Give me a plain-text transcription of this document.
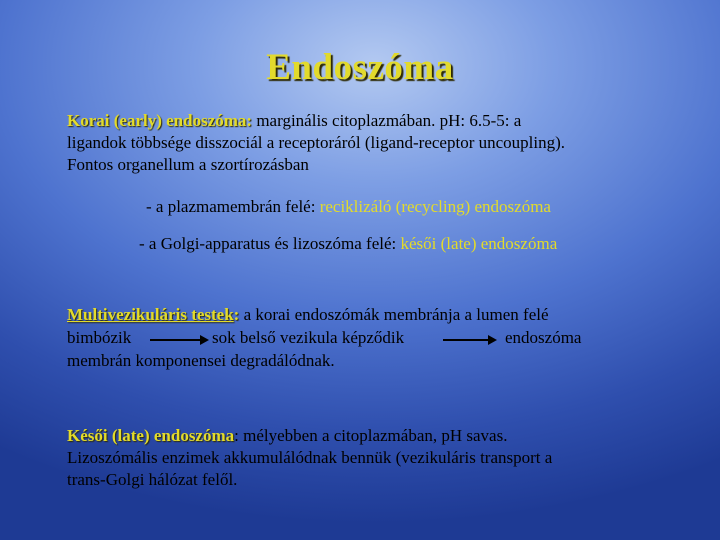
Endoszóma
Korai (early) endoszóma: marginális citoplazmában. pH: 6.5-5: a
ligandok többsége disszociál a receptoráról (ligand-receptor uncoupling).
Fontos organellum a szortírozásban
- a plazmamembrán felé: reciklizáló (recycling) endoszóma
- a Golgi-apparatus és lizoszóma felé: késői (late) endoszóma
Multivezikuláris testek: a korai endoszómák membránja a lumen felé
bimbózik	sok belső vezikula képződik	endoszóma
membrán komponensei degradálódnak.
Késői (late) endoszóma: mélyebben a citoplazmában, pH savas.
Lizoszómális enzimek akkumulálódnak bennük (vezikuláris transport a
trans-Golgi hálózat felől.
